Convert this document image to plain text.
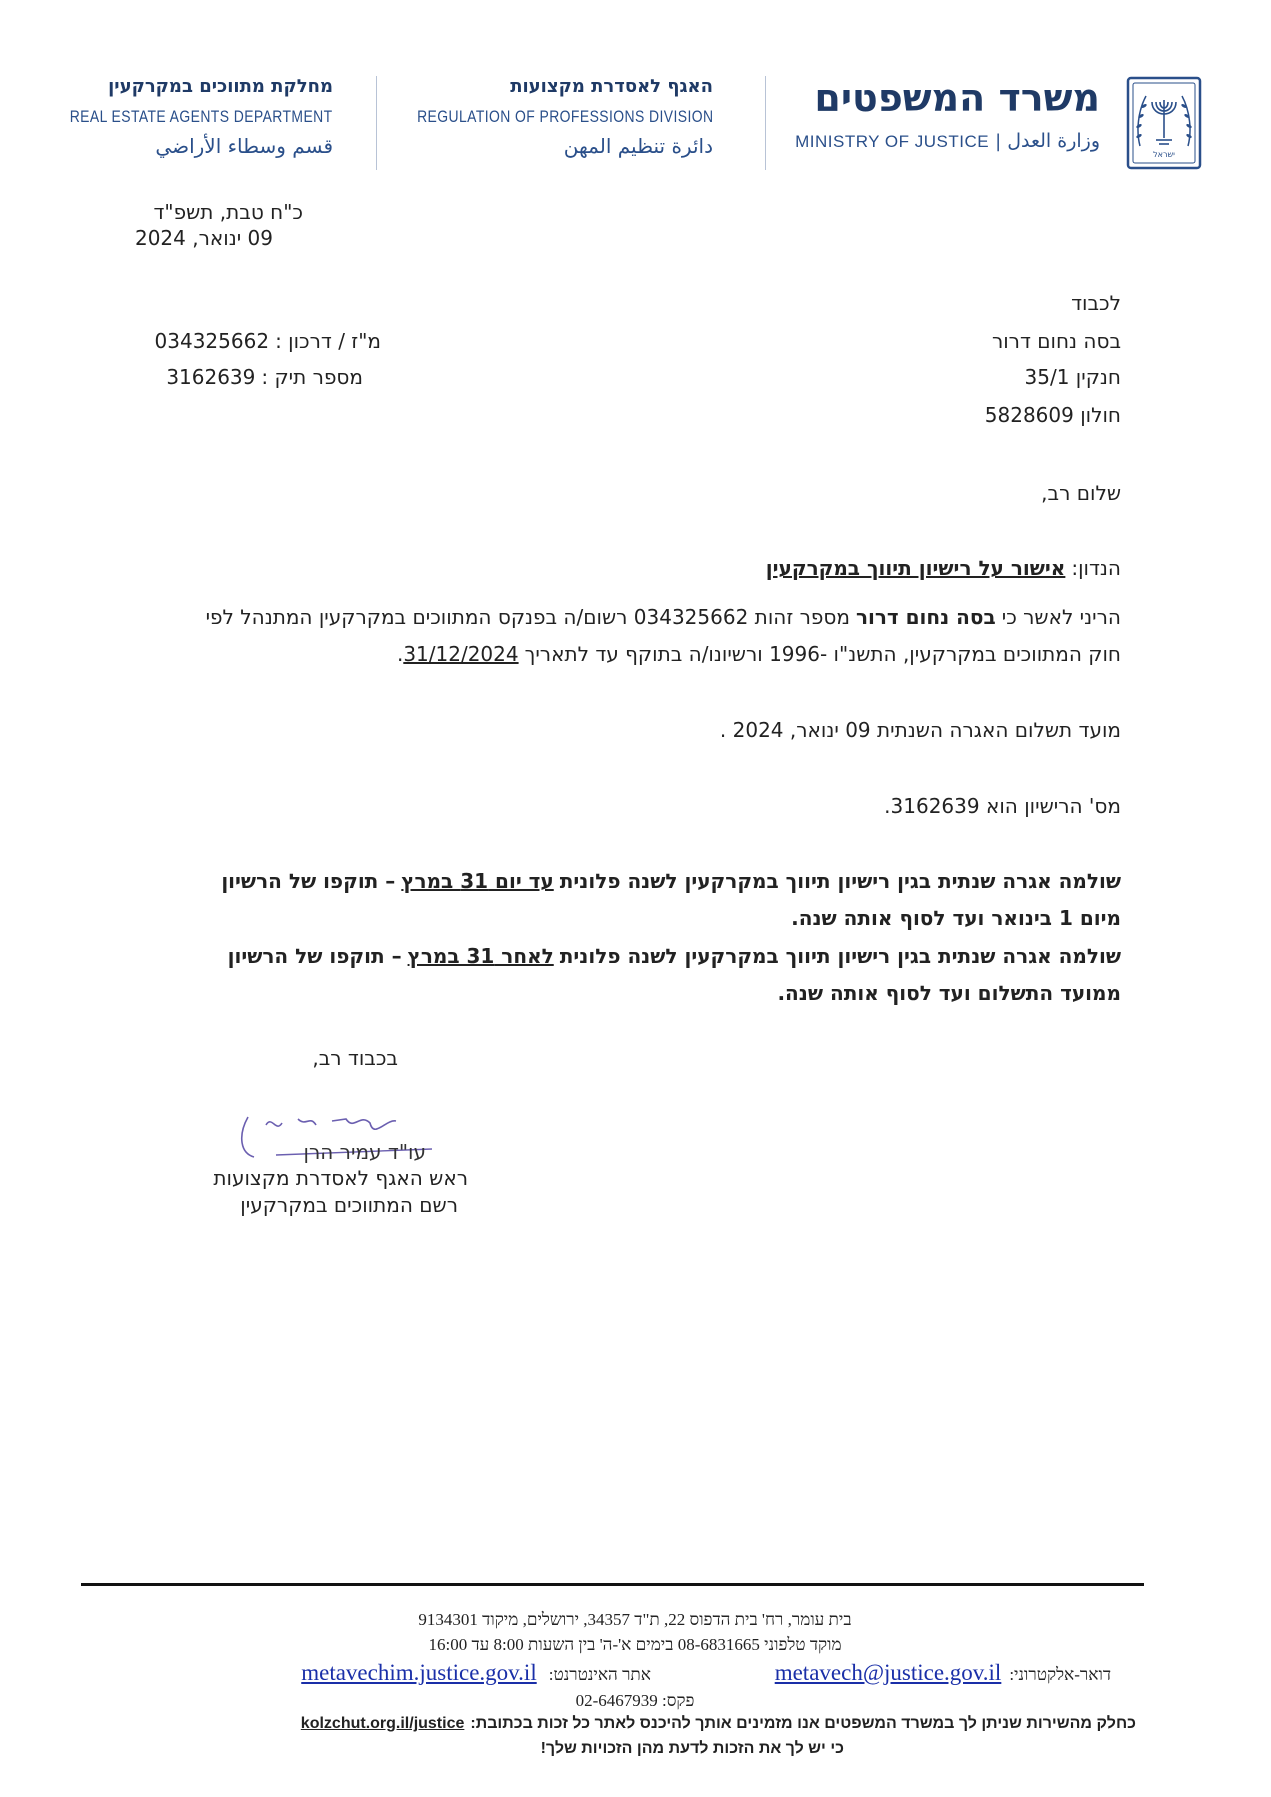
ישראל
משרד המשפטים
MINISTRY OF JUSTICE | وزارة العدل
האגף לאסדרת מקצועות
REGULATION OF PROFESSIONS DIVISION
دائرة تنظيم المهن
מחלקת מתווכים במקרקעין
REAL ESTATE AGENTS DEPARTMENT
قسم وسطاء الأراضي
כ"ח טבת, תשפ"ד
09 ינואר, 2024
לכבוד
בסה נחום דרור
חנקין 35/1
חולון 5828609
מ"ז / דרכון :
034325662
מספר תיק :
3162639
שלום רב,
הנדון:
אישור על רישיון תיווך במקרקעין
הריני לאשר כי
בסה נחום דרור
מספר זהות 034325662 רשום/ה בפנקס המתווכים במקרקעין המתנהל לפי
חוק המתווכים במקרקעין, התשנ"ו -1996 ורשיונו/ה בתוקף עד לתאריך
31/12/2024
.
מועד תשלום האגרה השנתית 09 ינואר, 2024 .
מס' הרישיון הוא 3162639.
שולמה אגרה שנתית בגין רישיון תיווך במקרקעין לשנה פלונית
עד יום 31 במרץ
– תוקפו של הרשיון
מיום 1 בינואר ועד לסוף אותה שנה.
שולמה אגרה שנתית בגין רישיון תיווך במקרקעין לשנה פלונית
לאחר 31 במרץ
– תוקפו של הרשיון
ממועד התשלום ועד לסוף אותה שנה.
בכבוד רב,
עו"ד עמיר הרן
ראש האגף לאסדרת מקצועות
רשם המתווכים במקרקעין
בית עומר, רח' בית הדפוס 22, ת"ד 34357, ירושלים, מיקוד 9134301
מוקד טלפוני 08-6831665 בימים א'-ה' בין השעות 8:00 עד 16:00
דואר-אלקטרוני:
metavech@justice.gov.il
אתר האינטרנט:
metavechim.justice.gov.il
פקס: 02-6467939
כחלק מהשירות שניתן לך במשרד המשפטים אנו מזמינים אותך להיכנס לאתר כל זכות בכתובת:
kolzchut.org.il/justice
כי יש לך את הזכות לדעת מהן הזכויות שלך!
